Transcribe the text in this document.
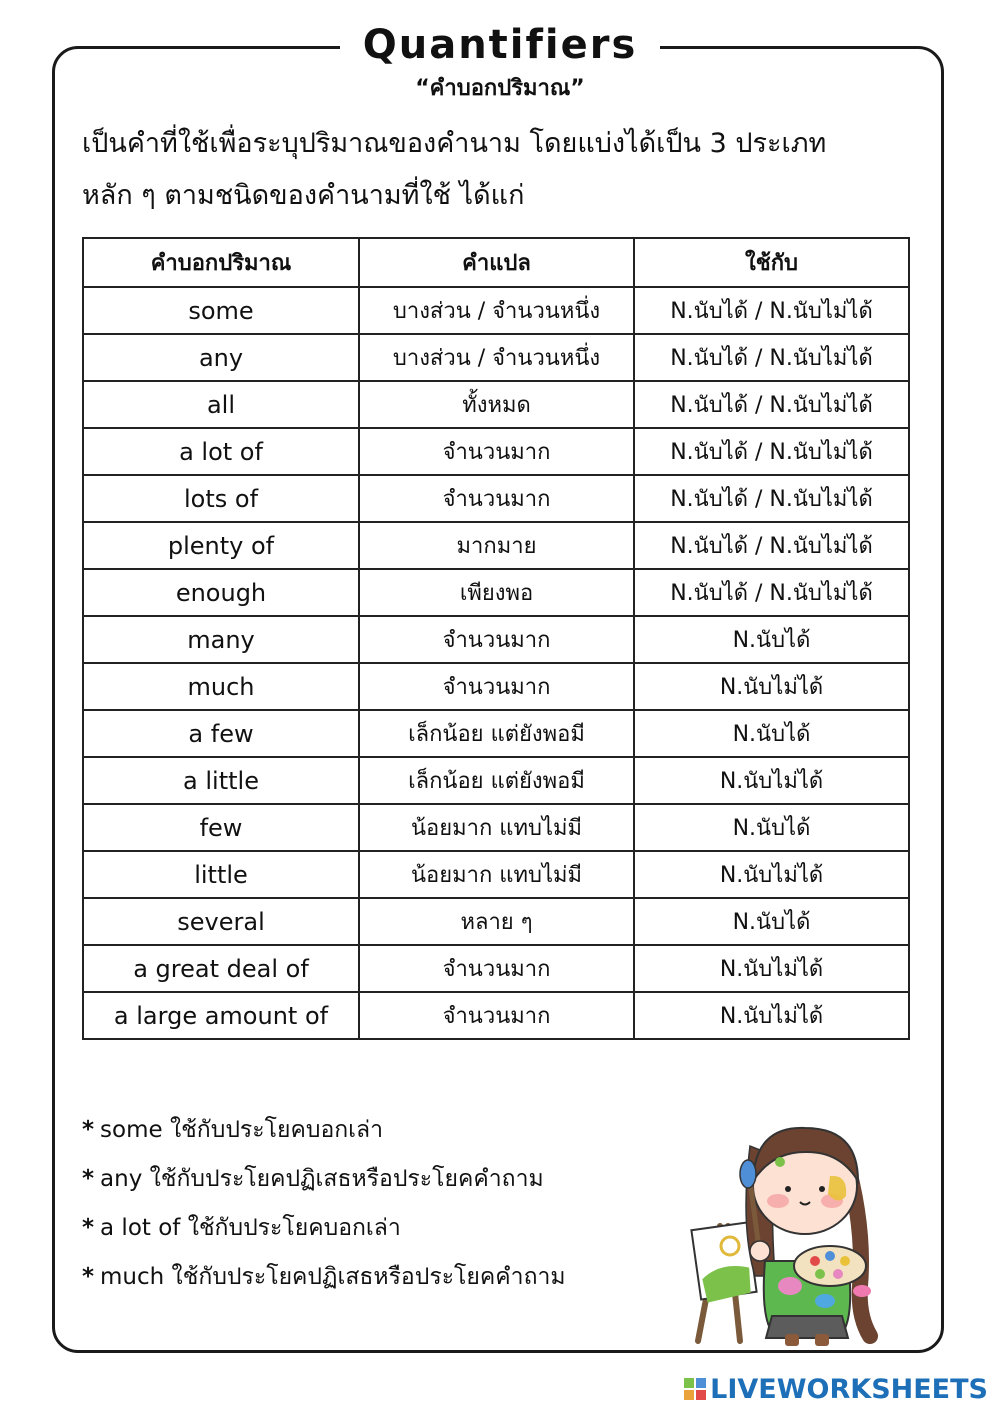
Quantifiers
“คำบอกปริมาณ”
เป็นคำที่ใช้เพื่อระบุปริมาณของคำนาม โดยแบ่งได้เป็น 3 ประเภท
หลัก ๆ ตามชนิดของคำนามที่ใช้ ได้แก่
คำบอกปริมาณ	คำแปล	ใช้กับ
some	บางส่วน / จำนวนหนึ่ง	N.นับได้ / N.นับไม่ได้
any	บางส่วน / จำนวนหนึ่ง	N.นับได้ / N.นับไม่ได้
all	ทั้งหมด	N.นับได้ / N.นับไม่ได้
a lot of	จำนวนมาก	N.นับได้ / N.นับไม่ได้
lots of	จำนวนมาก	N.นับได้ / N.นับไม่ได้
plenty of	มากมาย	N.นับได้ / N.นับไม่ได้
enough	เพียงพอ	N.นับได้ / N.นับไม่ได้
many	จำนวนมาก	N.นับได้
much	จำนวนมาก	N.นับไม่ได้
a few	เล็กน้อย แต่ยังพอมี	N.นับได้
a little	เล็กน้อย แต่ยังพอมี	N.นับไม่ได้
few	น้อยมาก แทบไม่มี	N.นับได้
little	น้อยมาก แทบไม่มี	N.นับไม่ได้
several	หลาย ๆ	N.นับได้
a great deal of	จำนวนมาก	N.นับไม่ได้
a large amount of	จำนวนมาก	N.นับไม่ได้
* some ใช้กับประโยคบอกเล่า
* any ใช้กับประโยคปฏิเสธหรือประโยคคำถาม
* a lot of ใช้กับประโยคบอกเล่า
* much ใช้กับประโยคปฏิเสธหรือประโยคคำถาม
LIVEWORKSHEETS
